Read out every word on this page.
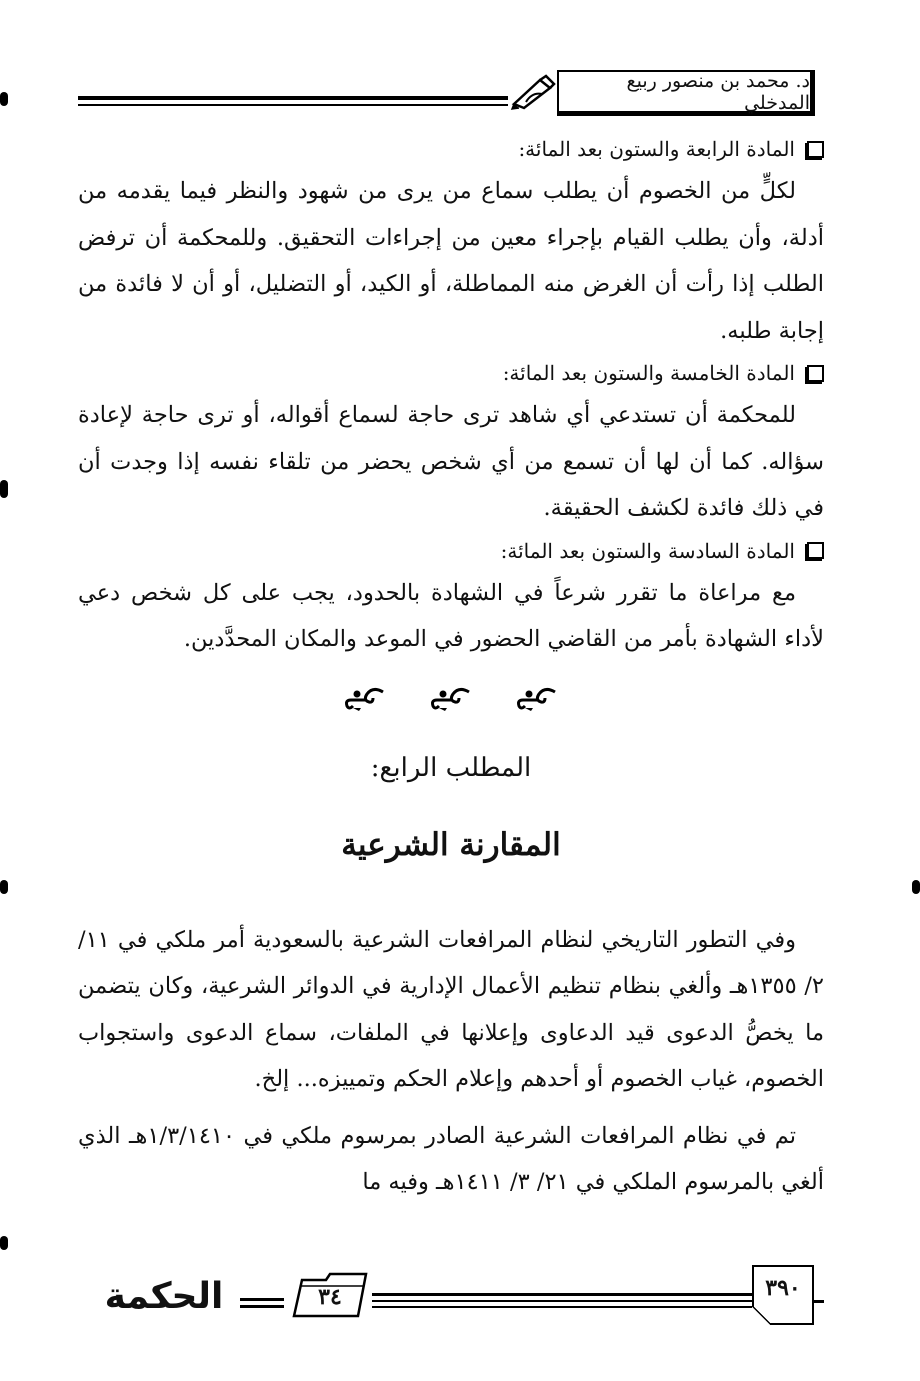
د. محمد بن منصور ربيع المدخلي
المادة الرابعة والستون بعد المائة:

لكلٍّ من الخصوم أن يطلب سماع من يرى من شهود والنظر فيما يقدمه من أدلة، وأن يطلب القيام بإجراء معين من إجراءات التحقيق. وللمحكمة أن ترفض الطلب إذا رأت أن الغرض منه المماطلة، أو الكيد، أو التضليل، أو أن لا فائدة من إجابة طلبه.

المادة الخامسة والستون بعد المائة:

للمحكمة أن تستدعي أي شاهد ترى حاجة لسماع أقواله، أو ترى حاجة لإعادة سؤاله. كما أن لها أن تسمع من أي شخص يحضر من تلقاء نفسه إذا وجدت أن في ذلك فائدة لكشف الحقيقة.

المادة السادسة والستون بعد المائة:

مع مراعاة ما تقرر شرعاً في الشهادة بالحدود، يجب على كل شخص دعي لأداء الشهادة بأمر من القاضي الحضور في الموعد والمكان المحدَّدين.

المطلب الرابع:
المقارنة الشرعية

وفي التطور التاريخي لنظام المرافعات الشرعية بالسعودية أمر ملكي في ١١/ ٢/ ١٣٥٥هـ وألغي بنظام تنظيم الأعمال الإدارية في الدوائر الشرعية، وكان يتضمن ما يخصُّ الدعوى قيد الدعاوى وإعلانها في الملفات، سماع الدعوى واستجواب الخصوم، غياب الخصوم أو أحدهم وإعلام الحكم وتمييزه... إلخ.

تم في نظام المرافعات الشرعية الصادر بمرسوم ملكي في ١/٣/١٤١٠هـ الذي ألغي بالمرسوم الملكي في ٢١/ ٣/ ١٤١١هـ وفيه ما

٣٩٠
٣٤
الحكمة
